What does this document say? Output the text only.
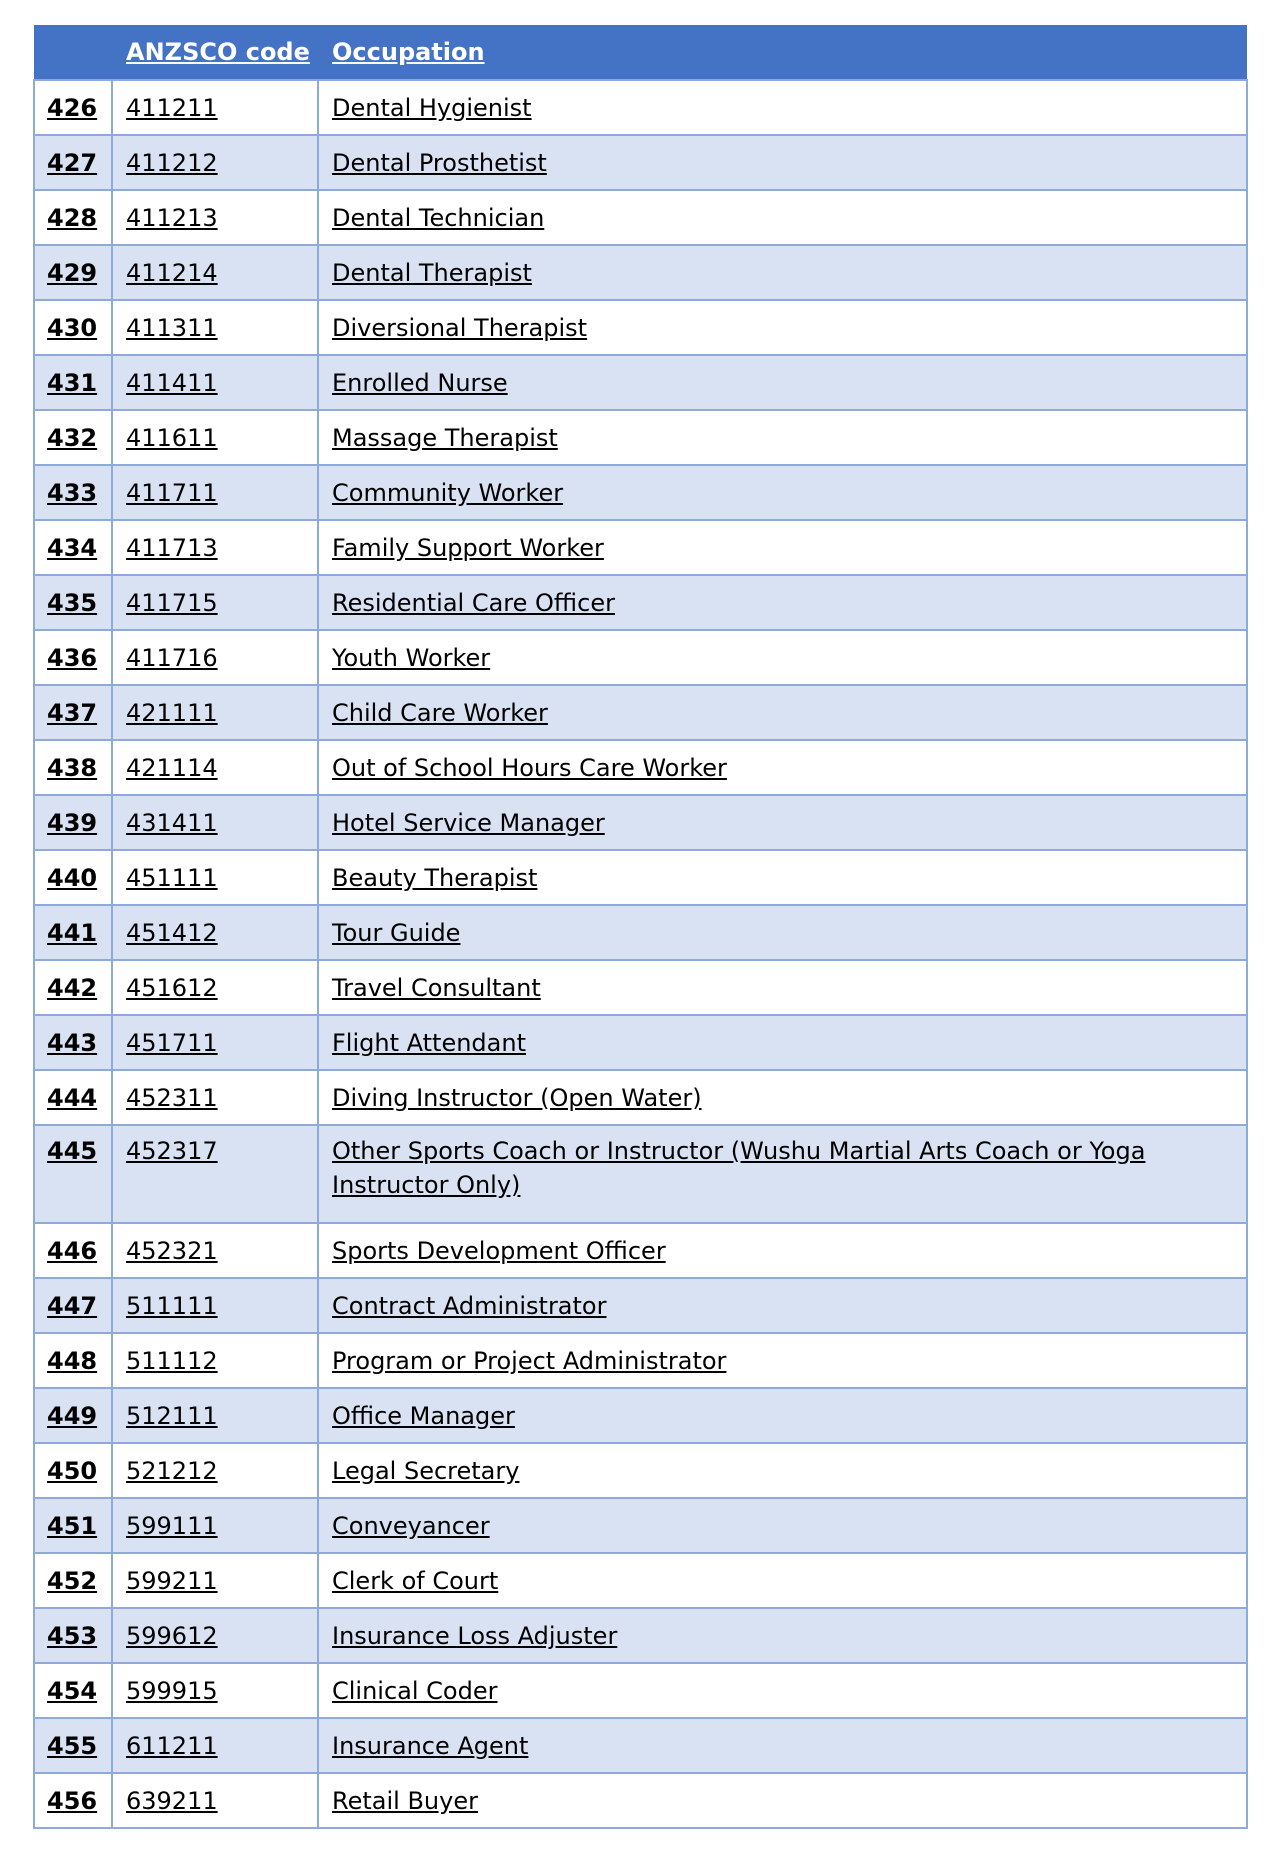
	ANZSCO code	Occupation
426	411211	Dental Hygienist
427	411212	Dental Prosthetist
428	411213	Dental Technician
429	411214	Dental Therapist
430	411311	Diversional Therapist
431	411411	Enrolled Nurse
432	411611	Massage Therapist
433	411711	Community Worker
434	411713	Family Support Worker
435	411715	Residential Care Officer
436	411716	Youth Worker
437	421111	Child Care Worker
438	421114	Out of School Hours Care Worker
439	431411	Hotel Service Manager
440	451111	Beauty Therapist
441	451412	Tour Guide
442	451612	Travel Consultant
443	451711	Flight Attendant
444	452311	Diving Instructor (Open Water)
445	452317	Other Sports Coach or Instructor (Wushu Martial Arts Coach or Yoga Instructor Only)
446	452321	Sports Development Officer
447	511111	Contract Administrator
448	511112	Program or Project Administrator
449	512111	Office Manager
450	521212	Legal Secretary
451	599111	Conveyancer
452	599211	Clerk of Court
453	599612	Insurance Loss Adjuster
454	599915	Clinical Coder
455	611211	Insurance Agent
456	639211	Retail Buyer
